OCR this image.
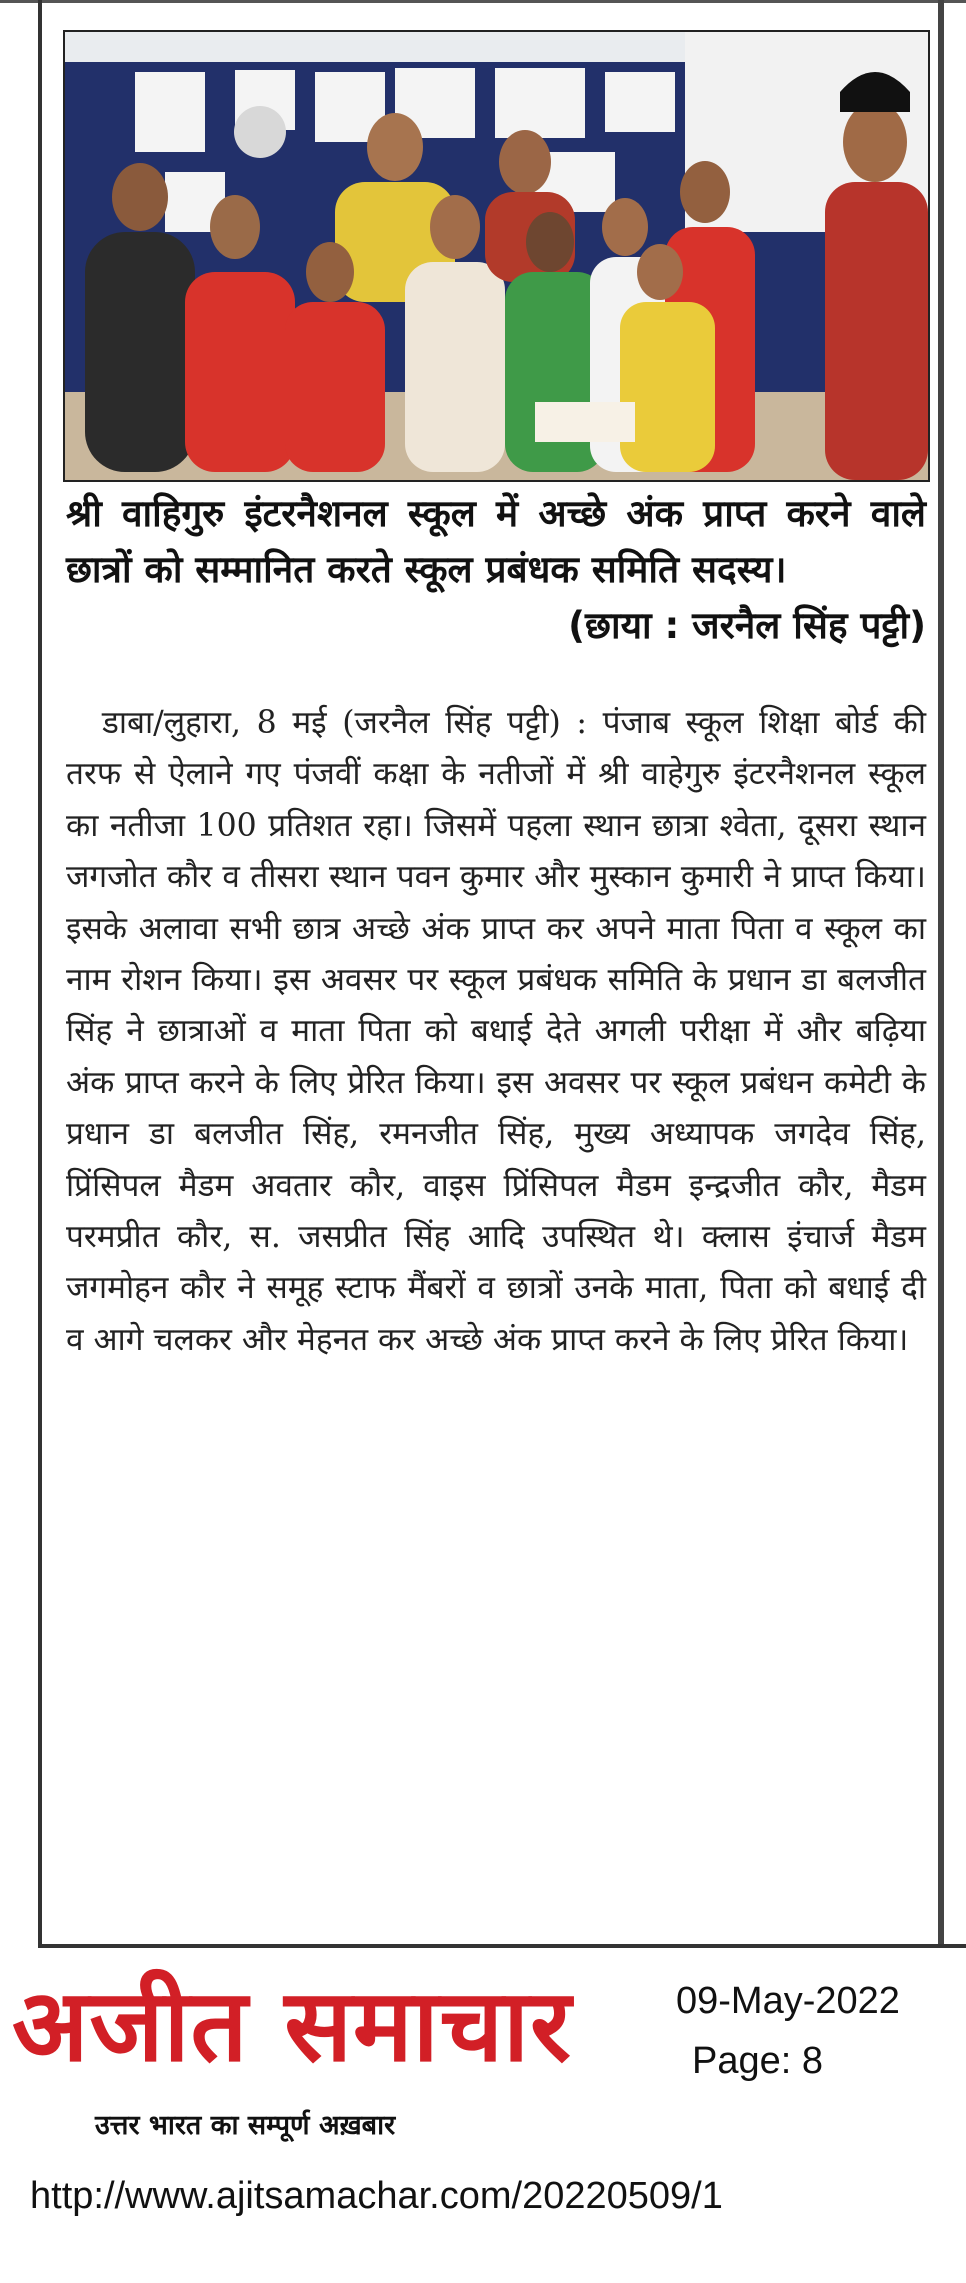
श्री वाहिगुरु इंटरनैशनल स्कूल में अच्छे अंक प्राप्त करने वाले छात्रों को सम्मानित करते स्कूल प्रबंधक समिति सदस्य।
(छाया : जरनैल सिंह पट्टी)
डाबा/लुहारा, 8 मई (जरनैल सिंह पट्टी) : पंजाब स्कूल शिक्षा बोर्ड की तरफ से ऐलाने गए पंजवीं कक्षा के नतीजों में श्री वाहेगुरु इंटरनैशनल स्कूल का नतीजा 100 प्रतिशत रहा। जिसमें पहला स्थान छात्रा श्वेता, दूसरा स्थान जगजोत कौर व तीसरा स्थान पवन कुमार और मुस्कान कुमारी ने प्राप्त किया। इसके अलावा सभी छात्र अच्छे अंक प्राप्त कर अपने माता पिता व स्कूल का नाम रोशन किया। इस अवसर पर स्कूल प्रबंधक समिति के प्रधान डा बलजीत सिंह ने छात्राओं व माता पिता को बधाई देते अगली परीक्षा में और बढ़िया अंक प्राप्त करने के लिए प्रेरित किया। इस अवसर पर स्कूल प्रबंधन कमेटी के प्रधान डा बलजीत सिंह, रमनजीत सिंह, मुख्य अध्यापक जगदेव सिंह, प्रिंसिपल मैडम अवतार कौर, वाइस प्रिंसिपल मैडम इन्द्रजीत कौर, मैडम परमप्रीत कौर, स. जसप्रीत सिंह आदि उपस्थित थे। क्लास इंचार्ज मैडम जगमोहन कौर ने समूह स्टाफ मैंबरों व छात्रों उनके माता, पिता को बधाई दी व आगे चलकर और मेहनत कर अच्छे अंक प्राप्त करने के लिए प्रेरित किया।
अजीत समाचार
उत्तर भारत का सम्पूर्ण अख़बार
09-May-2022
Page: 8
http://www.ajitsamachar.com/20220509/1
